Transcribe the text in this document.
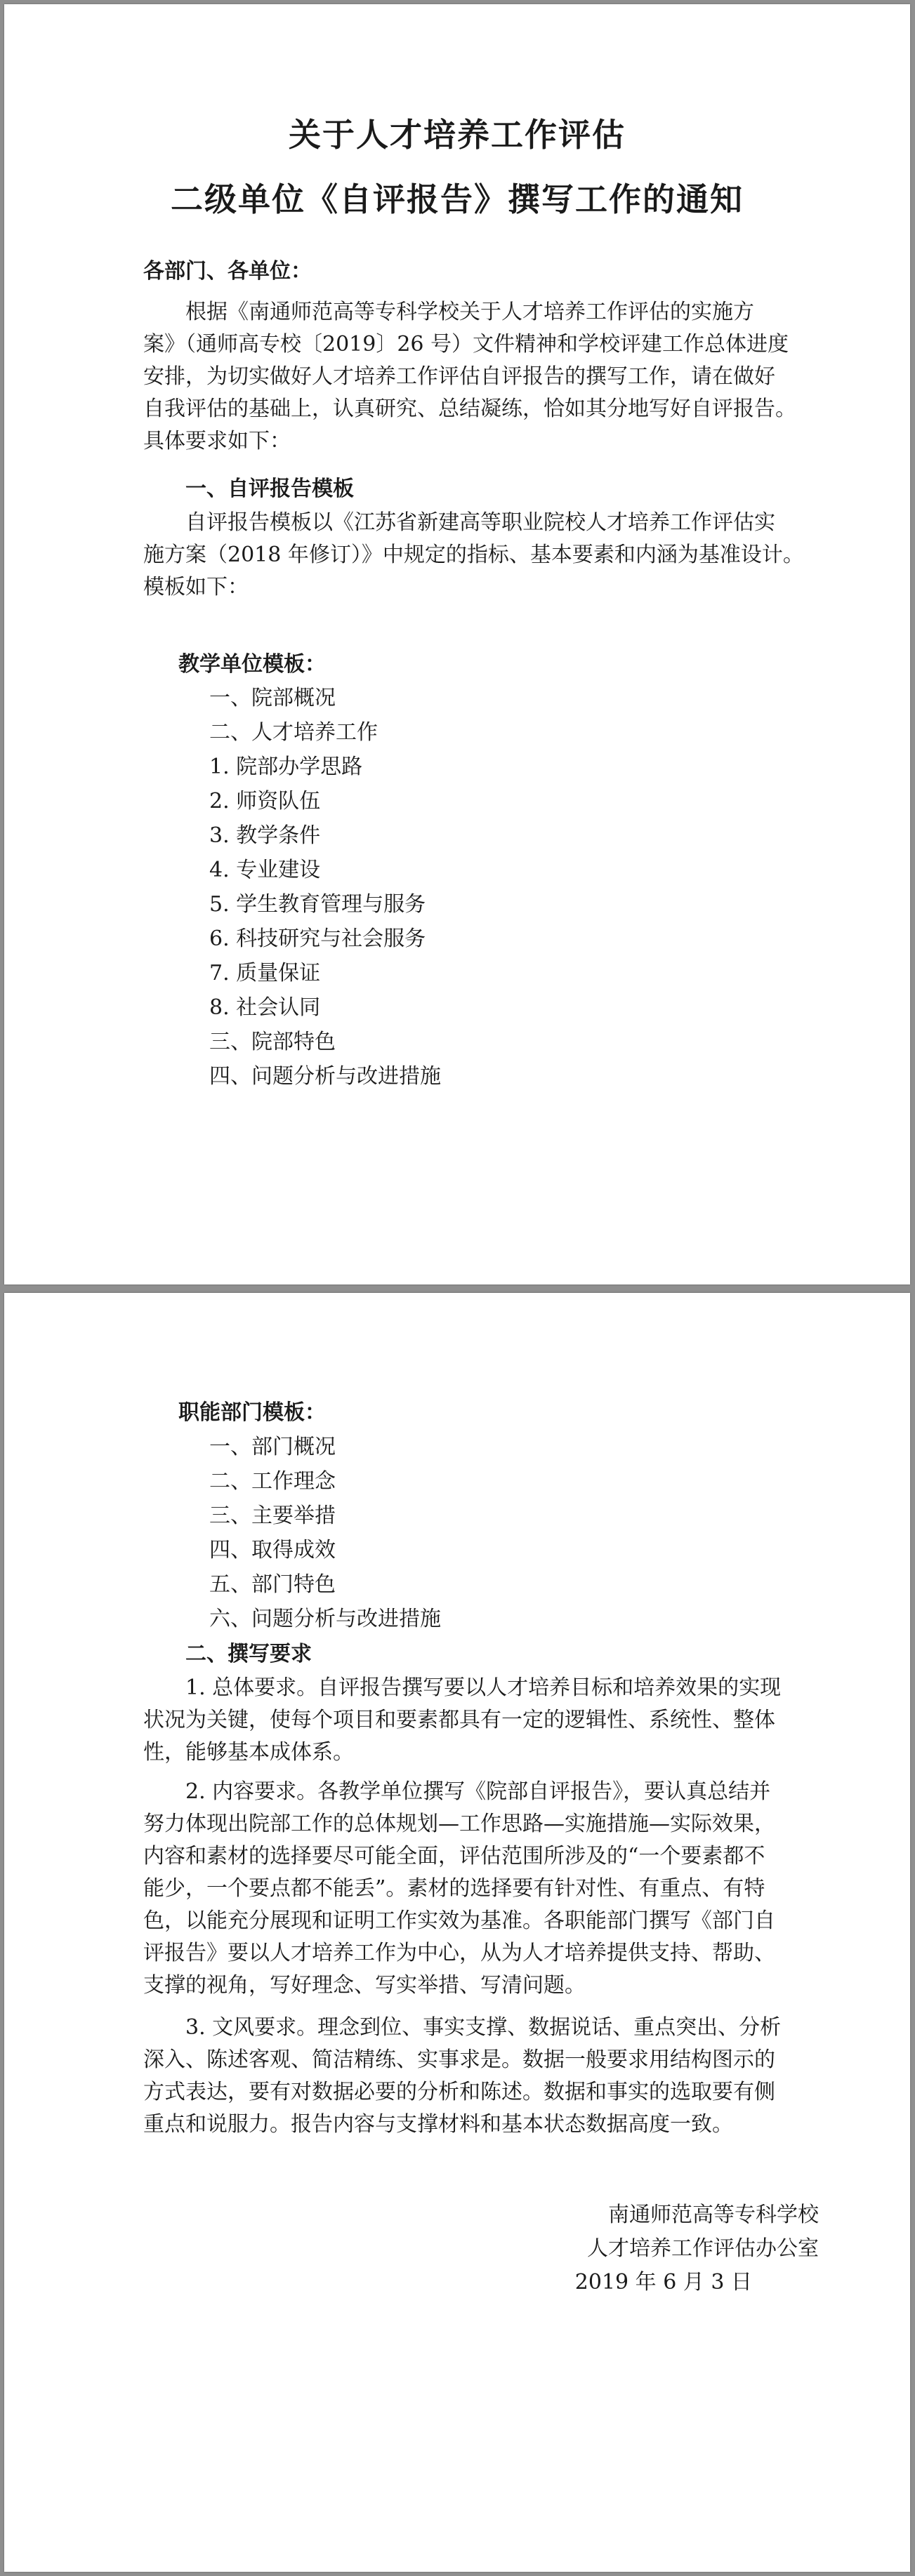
关于人才培养工作评估
二级单位《自评报告》撰写工作的通知
各部门、各单位：
根据《南通师范高等专科学校关于人才培养工作评估的实施方
案》（通师高专校〔2019〕26 号）文件精神和学校评建工作总体进度
安排，为切实做好人才培养工作评估自评报告的撰写工作，请在做好
自我评估的基础上，认真研究、总结凝练，恰如其分地写好自评报告。
具体要求如下：
一、自评报告模板
自评报告模板以《江苏省新建高等职业院校人才培养工作评估实
施方案（2018 年修订）》中规定的指标、基本要素和内涵为基准设计。
模板如下：
教学单位模板：
一、院部概况
二、人才培养工作
1. 院部办学思路
2. 师资队伍
3. 教学条件
4. 专业建设
5. 学生教育管理与服务
6. 科技研究与社会服务
7. 质量保证
8. 社会认同
三、院部特色
四、问题分析与改进措施
职能部门模板：
一、部门概况
二、工作理念
三、主要举措
四、取得成效
五、部门特色
六、问题分析与改进措施
二、撰写要求
1. 总体要求。自评报告撰写要以人才培养目标和培养效果的实现
状况为关键，使每个项目和要素都具有一定的逻辑性、系统性、整体
性，能够基本成体系。
2. 内容要求。各教学单位撰写《院部自评报告》，要认真总结并
努力体现出院部工作的总体规划—工作思路—实施措施—实际效果，
内容和素材的选择要尽可能全面，评估范围所涉及的“一个要素都不
能少，一个要点都不能丢”。素材的选择要有针对性、有重点、有特
色，以能充分展现和证明工作实效为基准。各职能部门撰写《部门自
评报告》要以人才培养工作为中心，从为人才培养提供支持、帮助、
支撑的视角，写好理念、写实举措、写清问题。
3. 文风要求。理念到位、事实支撑、数据说话、重点突出、分析
深入、陈述客观、简洁精练、实事求是。数据一般要求用结构图示的
方式表达，要有对数据必要的分析和陈述。数据和事实的选取要有侧
重点和说服力。报告内容与支撑材料和基本状态数据高度一致。
南通师范高等专科学校
人才培养工作评估办公室
2019 年 6 月 3 日
